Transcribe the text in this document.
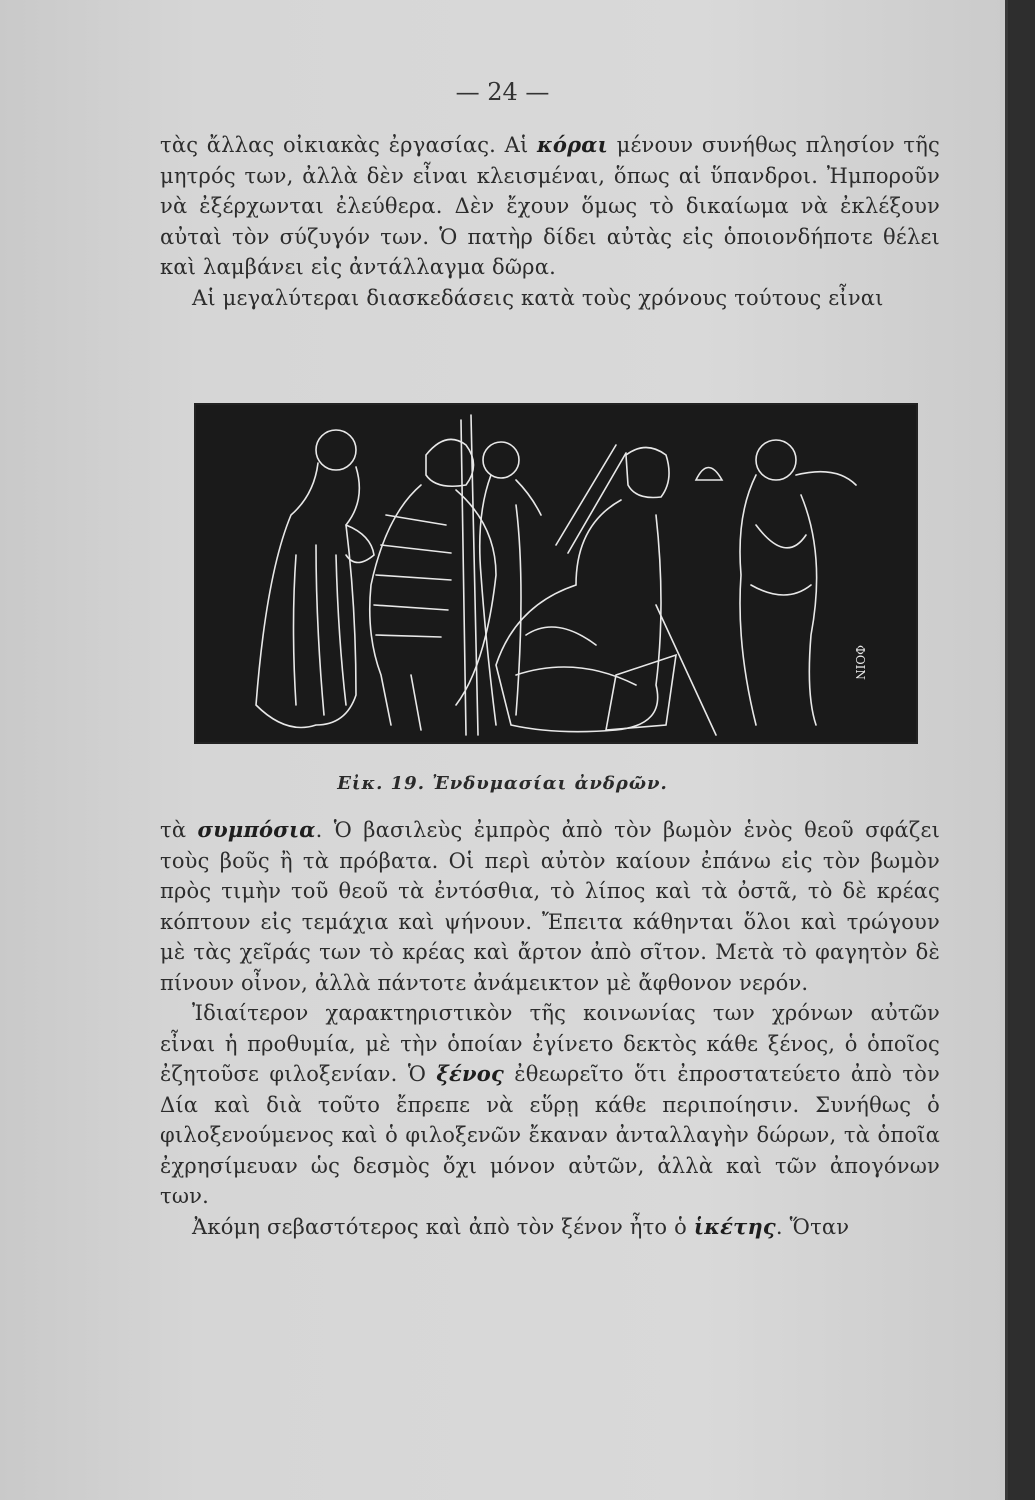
— 24 —

τὰς ἄλλας οἰκιακὰς ἐργασίας. Αἱ κόραι μένουν συνήθως πλησίον τῆς μητρός των, ἀλλὰ δὲν εἶναι κλεισμέναι, ὅπως αἱ ὕπανδροι. Ἠμποροῦν νὰ ἐξέρχωνται ἐλεύθερα. Δὲν ἔχουν ὅμως τὸ δικαίωμα νὰ ἐκλέξουν αὐταὶ τὸν σύζυγόν των. Ὁ πατὴρ δίδει αὐτὰς εἰς ὁποιονδήποτε θέλει καὶ λαμβάνει εἰς ἀντάλλαγμα δῶρα.

Αἱ μεγαλύτεραι διασκεδάσεις κατὰ τοὺς χρόνους τούτους εἶναι

ΦΟΙΝ
Εἰκ. 19. Ἐνδυμασίαι ἀνδρῶν.

τὰ συμπόσια. Ὁ βασιλεὺς ἐμπρὸς ἀπὸ τὸν βωμὸν ἑνὸς θεοῦ σφάζει τοὺς βοῦς ἢ τὰ πρόβατα. Οἱ περὶ αὐτὸν καίουν ἐπάνω εἰς τὸν βωμὸν πρὸς τιμὴν τοῦ θεοῦ τὰ ἐντόσθια, τὸ λίπος καὶ τὰ ὀστᾶ, τὸ δὲ κρέας κόπτουν εἰς τεμάχια καὶ ψήνουν. Ἔπειτα κάθηνται ὅλοι καὶ τρώγουν μὲ τὰς χεῖράς των τὸ κρέας καὶ ἄρτον ἀπὸ σῖτον. Μετὰ τὸ φαγητὸν δὲ πίνουν οἶνον, ἀλλὰ πάντοτε ἀνάμεικτον μὲ ἄφθονον νερόν.

Ἰδιαίτερον χαρακτηριστικὸν τῆς κοινωνίας των χρόνων αὐτῶν εἶναι ἡ προθυμία, μὲ τὴν ὁποίαν ἐγίνετο δεκτὸς κάθε ξένος, ὁ ὁποῖος ἐζητοῦσε φιλοξενίαν. Ὁ ξένος ἐθεωρεῖτο ὅτι ἐπροστατεύετο ἀπὸ τὸν Δία καὶ διὰ τοῦτο ἔπρεπε νὰ εὕρῃ κάθε περιποίησιν. Συνήθως ὁ φιλοξενούμενος καὶ ὁ φιλοξενῶν ἔκαναν ἀνταλλαγὴν δώρων, τὰ ὁποῖα ἐχρησίμευαν ὡς δεσμὸς ὄχι μόνον αὐτῶν, ἀλλὰ καὶ τῶν ἀπογόνων των.

Ἀκόμη σεβαστότερος καὶ ἀπὸ τὸν ξένον ἦτο ὁ ἱκέτης. Ὅταν
